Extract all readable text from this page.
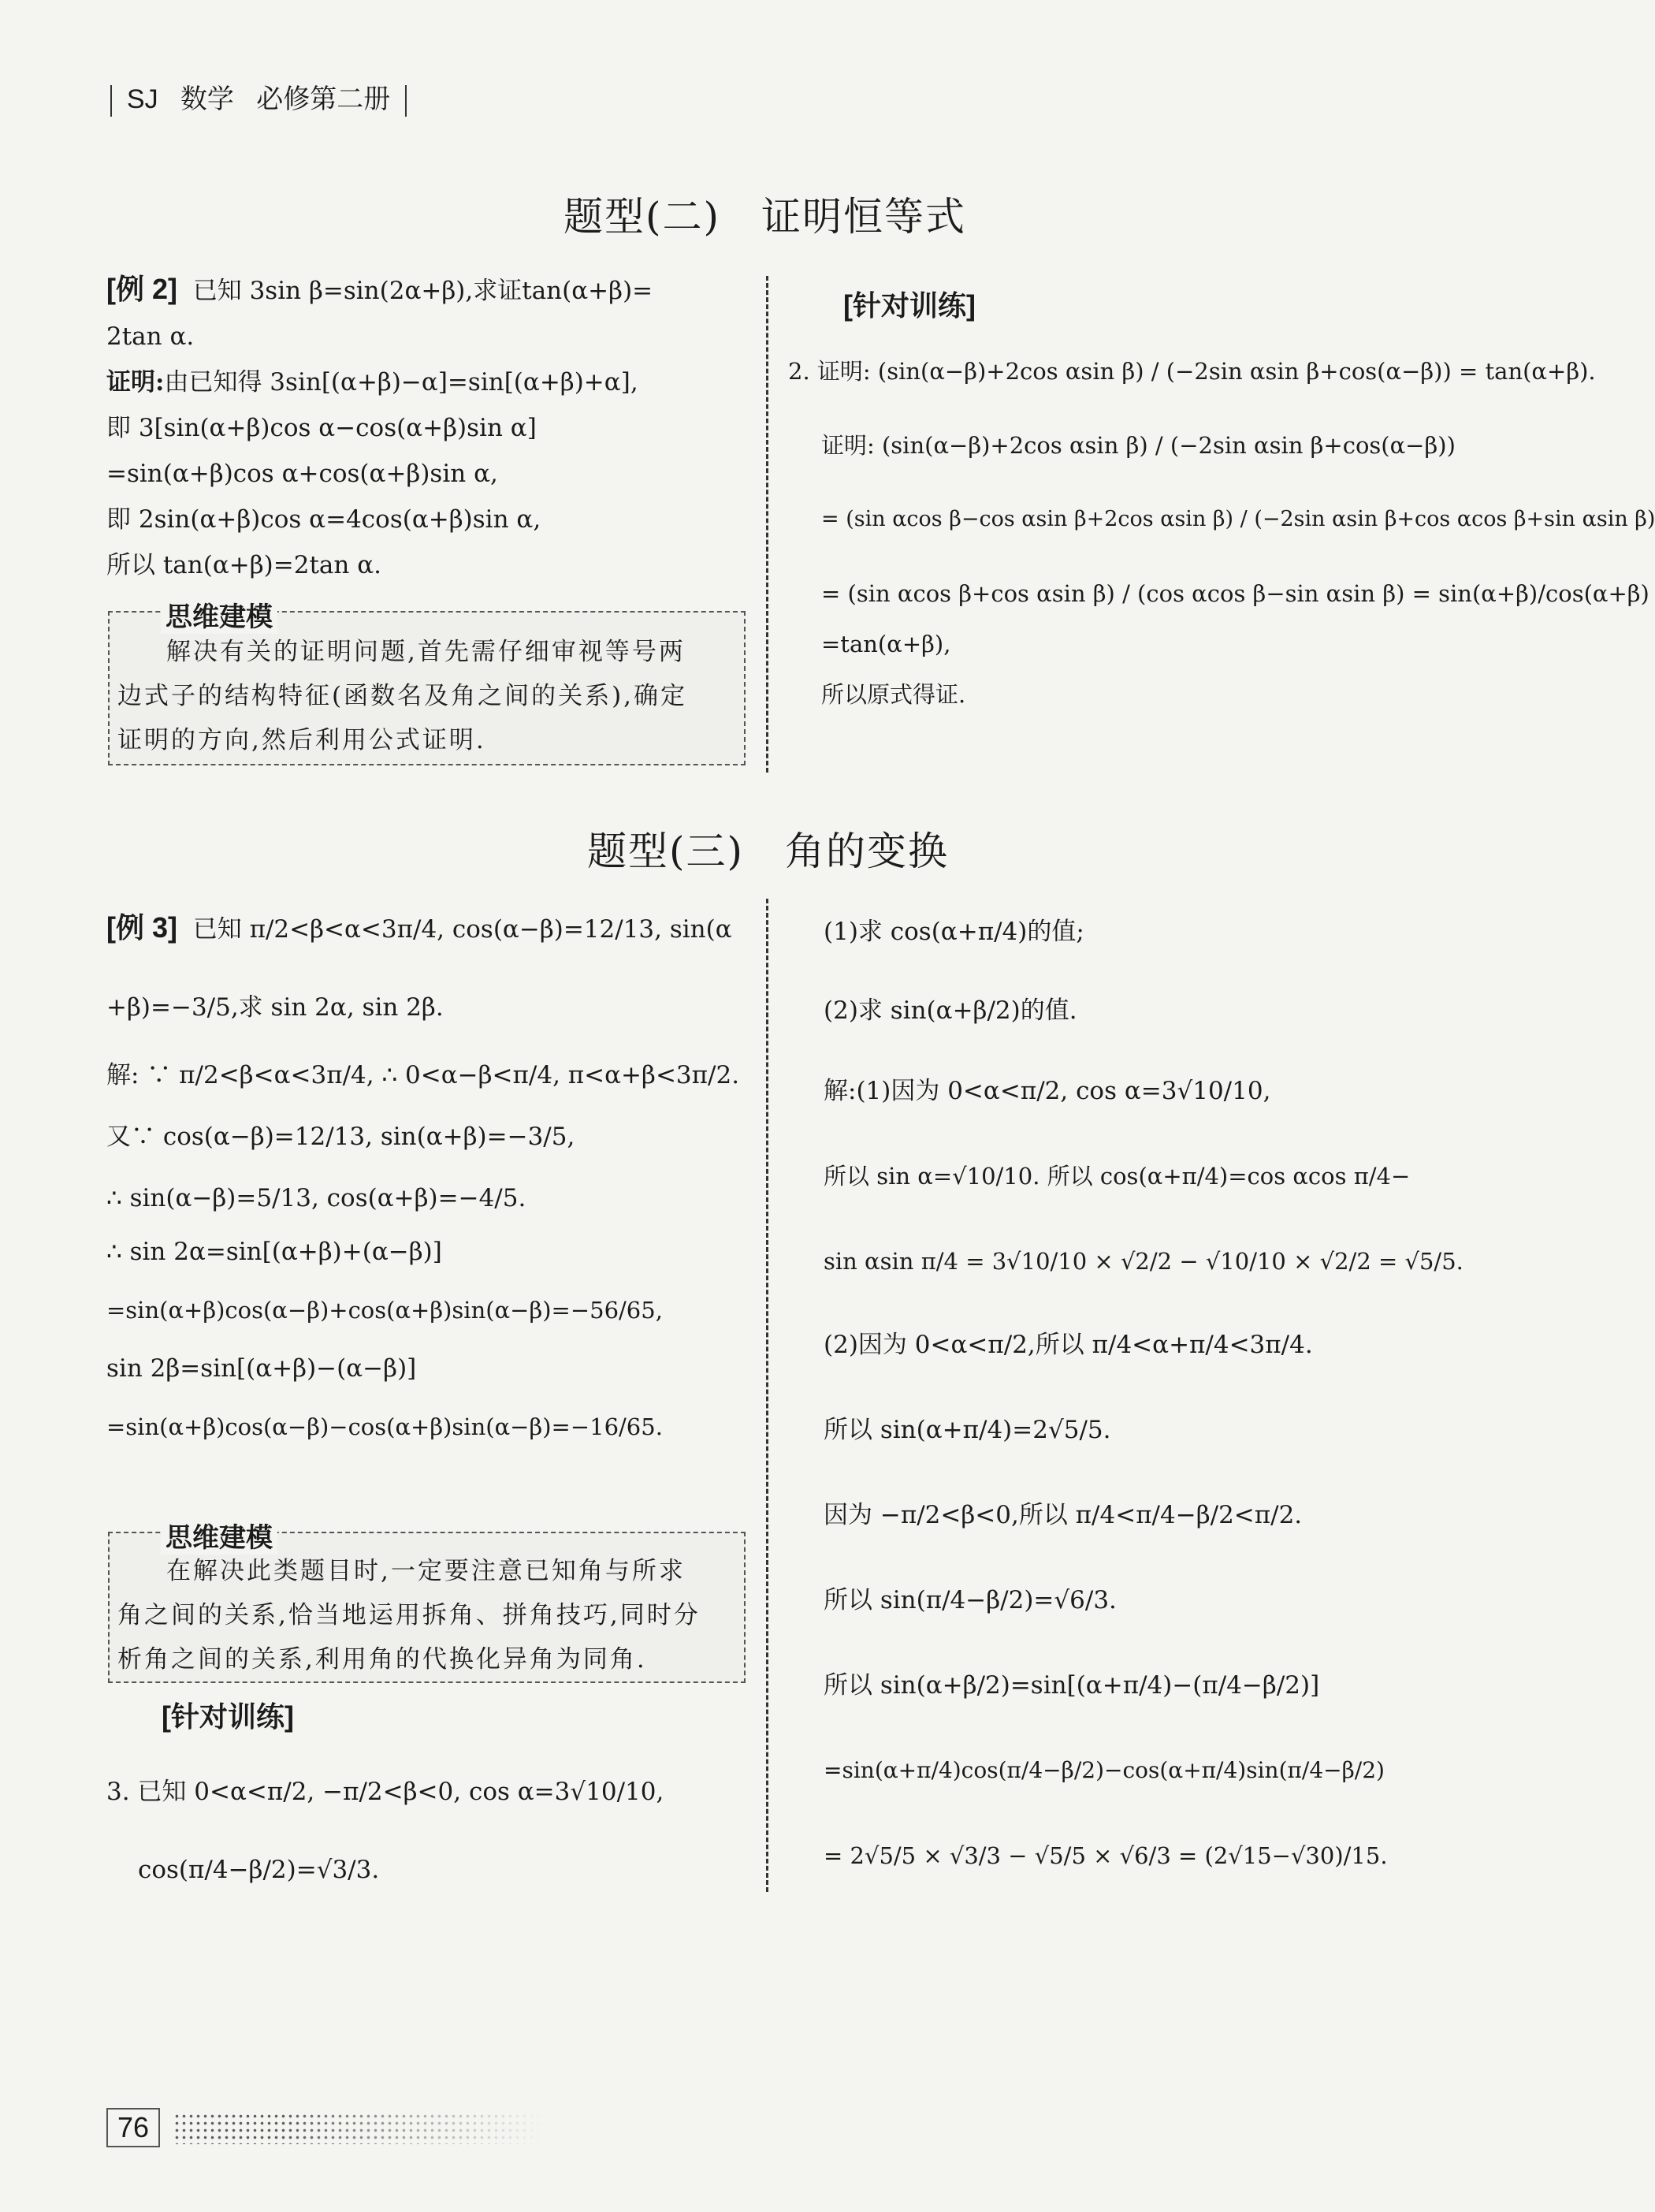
SJ 数学 必修第二册
题型(二)　证明恒等式
[例 2] 已知 3sin β=sin(2α+β),求证tan(α+β)=
2tan α.
证明:由已知得 3sin[(α+β)−α]=sin[(α+β)+α],
即 3[sin(α+β)cos α−cos(α+β)sin α]
=sin(α+β)cos α+cos(α+β)sin α,
即 2sin(α+β)cos α=4cos(α+β)sin α,
所以 tan(α+β)=2tan α.
思维建模
解决有关的证明问题,首先需仔细审视等号两
边式子的结构特征(函数名及角之间的关系),确定
证明的方向,然后利用公式证明.
[针对训练]
2. 证明: (sin(α−β)+2cos αsin β) / (−2sin αsin β+cos(α−β)) = tan(α+β).
证明: (sin(α−β)+2cos αsin β) / (−2sin αsin β+cos(α−β))
= (sin αcos β−cos αsin β+2cos αsin β) / (−2sin αsin β+cos αcos β+sin αsin β)
= (sin αcos β+cos αsin β) / (cos αcos β−sin αsin β) = sin(α+β)/cos(α+β)
=tan(α+β),
所以原式得证.
题型(三)　角的变换
[例 3] 已知 π/2<β<α<3π/4, cos(α−β)=12/13, sin(α
+β)=−3/5,求 sin 2α, sin 2β.
解: ∵ π/2<β<α<3π/4, ∴ 0<α−β<π/4, π<α+β<3π/2.
又∵ cos(α−β)=12/13, sin(α+β)=−3/5,
∴ sin(α−β)=5/13, cos(α+β)=−4/5.
∴ sin 2α=sin[(α+β)+(α−β)]
=sin(α+β)cos(α−β)+cos(α+β)sin(α−β)=−56/65,
sin 2β=sin[(α+β)−(α−β)]
=sin(α+β)cos(α−β)−cos(α+β)sin(α−β)=−16/65.
思维建模
在解决此类题目时,一定要注意已知角与所求
角之间的关系,恰当地运用拆角、拼角技巧,同时分
析角之间的关系,利用角的代换化异角为同角.
[针对训练]
3. 已知 0<α<π/2, −π/2<β<0, cos α=3√10/10,
cos(π/4−β/2)=√3/3.
(1)求 cos(α+π/4)的值;
(2)求 sin(α+β/2)的值.
解:(1)因为 0<α<π/2, cos α=3√10/10,
所以 sin α=√10/10. 所以 cos(α+π/4)=cos αcos π/4−
sin αsin π/4 = 3√10/10 × √2/2 − √10/10 × √2/2 = √5/5.
(2)因为 0<α<π/2,所以 π/4<α+π/4<3π/4.
所以 sin(α+π/4)=2√5/5.
因为 −π/2<β<0,所以 π/4<π/4−β/2<π/2.
所以 sin(π/4−β/2)=√6/3.
所以 sin(α+β/2)=sin[(α+π/4)−(π/4−β/2)]
=sin(α+π/4)cos(π/4−β/2)−cos(α+π/4)sin(π/4−β/2)
= 2√5/5 × √3/3 − √5/5 × √6/3 = (2√15−√30)/15.
76
